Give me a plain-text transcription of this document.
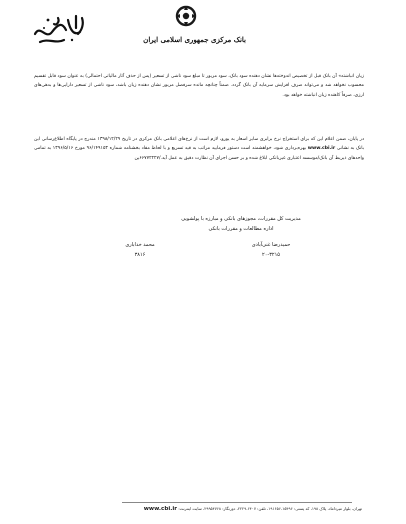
بانک مرکزی جمهوری اسلامی ایران

زیان انباشته» آن بانک قبل از تخصیص اندوخته‌ها نشان دهنده سود بانک، سود مزبور تا مبلغ سود ناشی از تسعیر (پس از حذف آثار مالیاتی احتمالی) به عنوان سود قابل تقسیم محسوب نخواهد شد و می‌تواند صرف افزایش سرمایه آن بانک گردد. ضمناً چنانچه مانده سرفصل مزبور نشان دهنده زیان باشد، سود ناشی از تسعیر دارایی‌ها و بدهی‌های ارزی، صرفاً کاهنده زیان انباشته خواهد بود.

در پایان، ضمن اعلام این که برای استخراج نرخ برابری سایر اسعار به یورو، لازم است از نرخ‌های اعلامی بانک مرکزی در تاریخ ۱۳۹۸/۱۲/۲۹ مندرج در پایگاه اطلاع‌رسانی این بانک به نشانی www.cbi.ir بهره‌برداری شود، خواهشمند است دستور فرمایید مراتب به قید تسریع و با لحاظ مفاد بخشنامه شماره ۹۶/۱۴۹۱۵۳ مورخ ۱۳۹۶/۵/۱۶ به تمامی واحدهای ذیربط آن بانک/موسسه اعتباری غیربانکی ابلاغ شده و بر حسن اجرای آن نظارت دقیق به عمل آید./۶۶۷۷۲۲۲۷ین

مدیریت کل مقررات، مجوزهای بانکی و مبارزه با پولشویی
اداره مطالعات و مقررات بانکی
حمیدرضا غنی‌آبادی
۲۰-۳۲۱۵
محمد خداباری
۳۸۱۶
تهران، بلوار میرداماد، پلاک ۱۹۸، کد پستی: ۱۵۴۹۶-۱۹۱۶۵۶، تلفن: ۶۴۰۷-۲۲۲۹، دورنگار: ۲۹۹۵۴۷۶۸، سایت اینترنت: www.cbi.ir
